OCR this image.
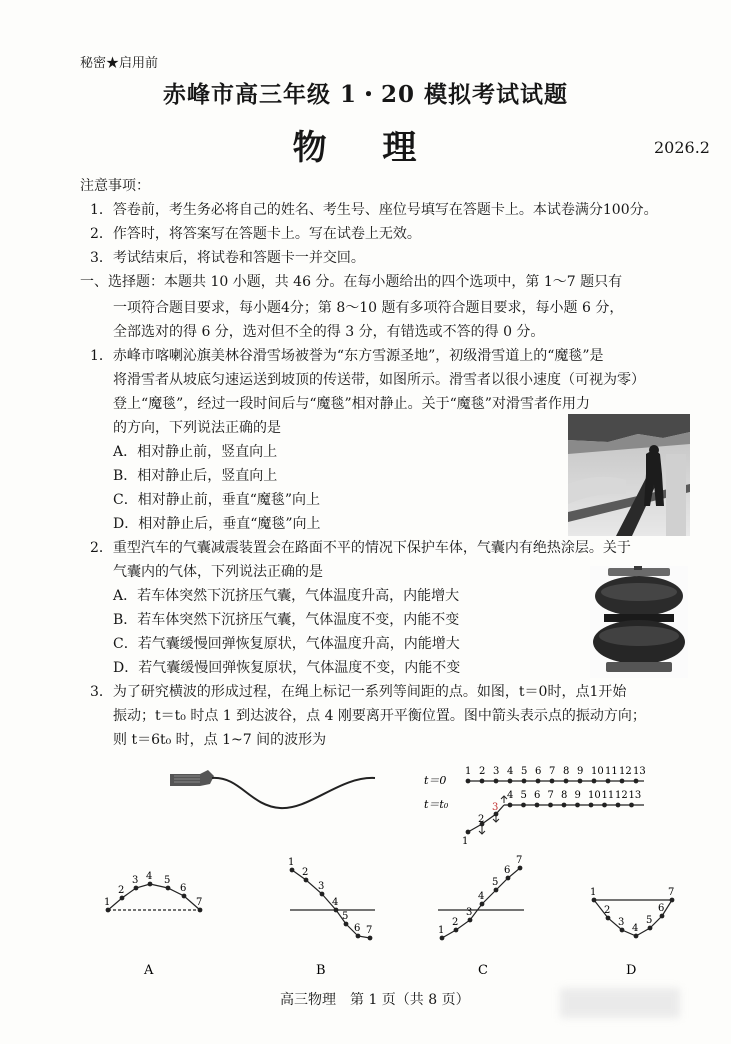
秘密★启用前
赤峰市高三年级 1・20 模拟考试试题
物 理	2026.2
注意事项：
1．答卷前，考生务必将自己的姓名、考生号、座位号填写在答题卡上。本试卷满分100分。
2．作答时，将答案写在答题卡上。写在试卷上无效。
3．考试结束后，将试卷和答题卡一并交回。
一、选择题：本题共 10 小题，共 46 分。在每小题给出的四个选项中，第 1～7 题只有
一项符合题目要求，每小题4分；第 8～10 题有多项符合题目要求，每小题 6 分，
全部选对的得 6 分，选对但不全的得 3 分，有错选或不答的得 0 分。
1．赤峰市喀喇沁旗美林谷滑雪场被誉为“东方雪源圣地”，初级滑雪道上的“魔毯”是
将滑雪者从坡底匀速运送到坡顶的传送带，如图所示。滑雪者以很小速度（可视为零）
登上“魔毯”，经过一段时间后与“魔毯”相对静止。关于“魔毯”对滑雪者作用力
的方向，下列说法正确的是
A．相对静止前，竖直向上
B．相对静止后，竖直向上
C．相对静止前，垂直“魔毯”向上
D．相对静止后，垂直“魔毯”向上
2．重型汽车的气囊减震装置会在路面不平的情况下保护车体，气囊内有绝热涂层。关于
气囊内的气体，下列说法正确的是
A．若车体突然下沉挤压气囊，气体温度升高，内能增大
B．若车体突然下沉挤压气囊，气体温度不变，内能不变
C．若气囊缓慢回弹恢复原状，气体温度升高，内能增大
D．若气囊缓慢回弹恢复原状，气体温度不变，内能不变
3．为了研究横波的形成过程，在绳上标记一系列等间距的点。如图，t＝0时，点1开始
振动；t＝t₀ 时点 1 到达波谷，点 4 刚要离开平衡位置。图中箭头表示点的振动方向；
则 t＝6t₀ 时，点 1~7 间的波形为
t＝0
t＝t₀
1 2 3 4 5 6 7 8 9 10 11 12 13
4 5 6 7 8 9 10 11 12 13
1
2
3
1
2
3 4 5
6
7
1
2
3
4
5
6 7	1
2
3
4
5
6
7
1
2
3
4
5
6
7
A	B	C	D
高三物理　第 1 页（共 8 页）
